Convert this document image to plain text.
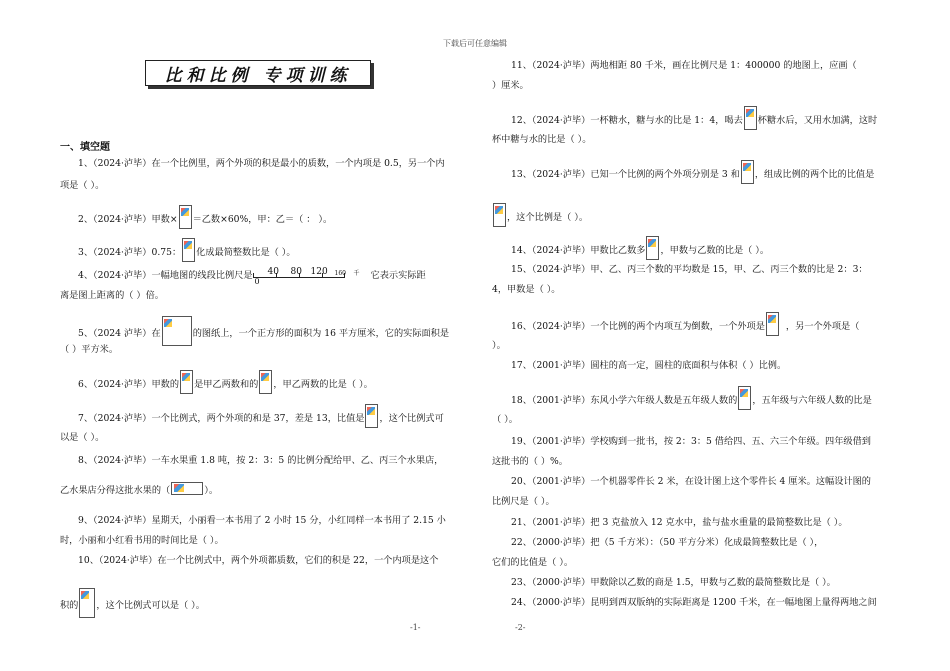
下载后可任意编辑
比和比例 专项训练
一、填空题
1、（2024·泸毕）在一个比例里，两个外项的积是最小的质数，一个内项是 0.5，另一个内
项是（ ）。
2、（2024·泸毕）甲数× ＝乙数×60%，甲：乙＝（ ： ）。
3、（2024·泸毕）0.75： 化成最简整数比是（ ）。
4、（2024·泸毕）一幅地图的线段比例尺是 40 80 120 160 千
0
它表示实际距
离是图上距离的（ ）倍。
5、（2024 泸毕）在	的图纸上，一个正方形的面积为 16 平方厘米，它的实际面积是
（ ）平方米。
6、（2024·泸毕）甲数的 是甲乙两数和的 ，甲乙两数的比是（ ）。
7、（2024·泸毕）一个比例式，两个外项的和是 37，差是 13，比值是 ，这个比例式可
以是（ ）。
8、（2024·泸毕）一车水果重 1.8 吨，按 2：3：5 的比例分配给甲、乙、丙三个水果店，
乙水果店分得这批水果的（	）。
9、（2024·泸毕）星期天，小丽看一本书用了 2 小时 15 分，小红同样一本书用了 2.15 小
时，小丽和小红看书用的时间比是（ ）。
10、（2024·泸毕）在一个比例式中，两个外项都质数，它们的积是 22，一个内项是这个
积的 ，这个比例式可以是（ ）。
11、（2024·泸毕）两地相距 80 千米，画在比例尺是 1：400000 的地图上，应画（
）厘米。
12、（2024·泸毕）一杯糖水，糖与水的比是 1：4，喝去 杯糖水后，又用水加满，这时
杯中糖与水的比是（ ）。
13、（2024·泸毕）已知一个比例的两个外项分别是 3 和 ，组成比例的两个比的比值是
，这个比例是（ ）。
14、（2024·泸毕）甲数比乙数多 ，甲数与乙数的比是（ ）。
15、（2024·泸毕）甲、乙、丙三个数的平均数是 15，甲、乙、丙三个数的比是 2：3：
4，甲数是（ ）。
16、（2024·泸毕）一个比例的两个内项互为倒数，一个外项是 ，另一个外项是（
）。
17、（2001·泸毕）圆柱的高一定，圆柱的底面积与体积（ ）比例。
18、（2001·泸毕）东风小学六年级人数是五年级人数的 ，五年级与六年级人数的比是
（ ）。
19、（2001·泸毕）学校购到一批书，按 2：3：5 借给四、五、六三个年级。四年级借到
这批书的（ ）%。
20、（2001·泸毕）一个机器零件长 2 米，在设计图上这个零件长 4 厘米。这幅设计图的
比例尺是（ ）。
21、（2001·泸毕）把 3 克盐放入 12 克水中，盐与盐水重量的最简整数比是（ ）。
22、（2000·泸毕）把（5 千方米）：（50 平方分米）化成最简整数比是（ ），
它们的比值是（ ）。
23、（2000·泸毕）甲数除以乙数的商是 1.5，甲数与乙数的最简整数比是（ ）。
24、（2000·泸毕）昆明到西双版纳的实际距离是 1200 千米，在一幅地图上量得两地之间
-1-	-2-
